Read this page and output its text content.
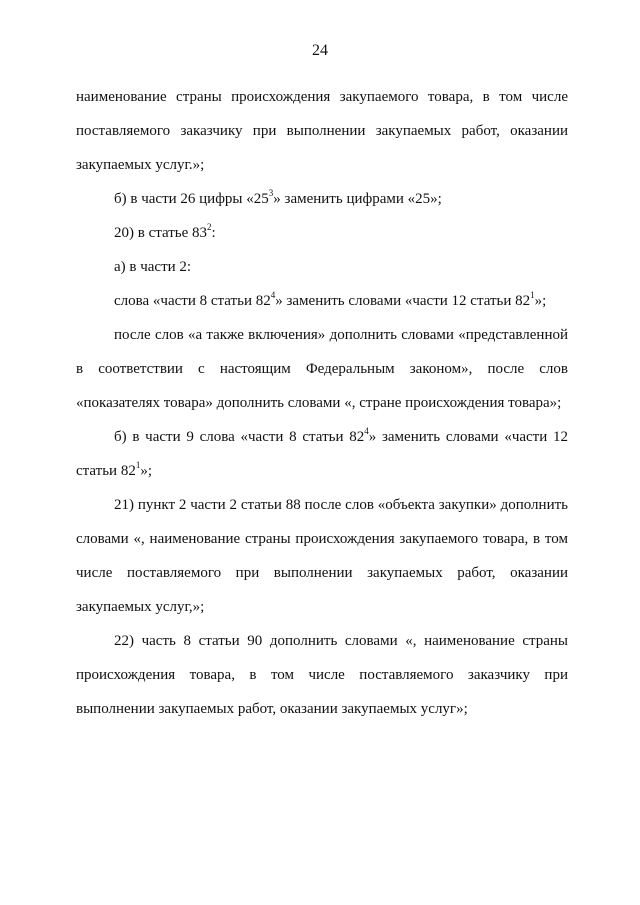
24

наименование страны происхождения закупаемого товара, в том числе поставляемого заказчику при выполнении закупаемых работ, оказании закупаемых услуг.»;

б) в части 26 цифры «$25^3$» заменить цифрами «25»;

20) в статье $83^2$:

а) в части 2:

слова «части 8 статьи $82^4$» заменить словами «части 12 статьи $82^1$»;

после слов «а также включения» дополнить словами «представленной в соответствии с настоящим Федеральным законом», после слов «показателях товара» дополнить словами «, стране происхождения товара»;

б) в части 9 слова «части 8 статьи $82^4$» заменить словами «части 12 статьи $82^1$»;

21) пункт 2 части 2 статьи 88 после слов «объекта закупки» дополнить словами «, наименование страны происхождения закупаемого товара, в том числе поставляемого при выполнении закупаемых работ, оказании закупаемых услуг,»;

22) часть 8 статьи 90 дополнить словами «, наименование страны происхождения товара, в том числе поставляемого заказчику при выполнении закупаемых работ, оказании закупаемых услуг»;
